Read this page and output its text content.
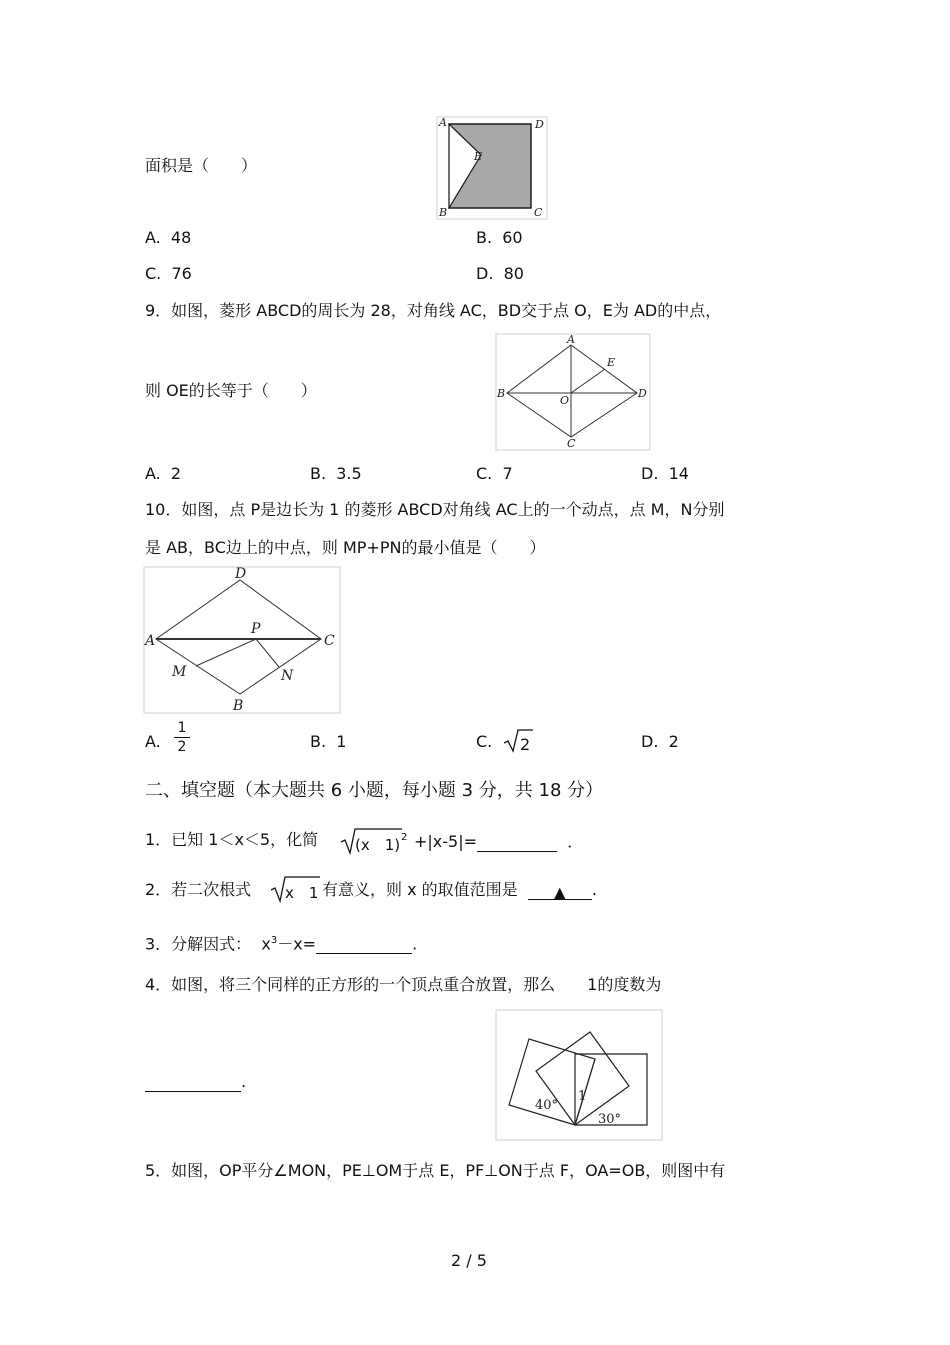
面积是（　　）
A	D
E
B	C
A. 48	B. 60
C. 76	D. 80
9．如图，菱形 ABCD的周长为 28，对角线 AC，BD交于点 O，E为 AD的中点，
A
E
B	D
O
C
则 OE的长等于（　　）
A. 2	B. 3.5	C. 7	D. 14
10．如图，点 P是边长为 1 的菱形 ABCD对角线 AC上的一个动点，点 M，N分别
是 AB，BC边上的中点，则 MP+PN的最小值是（　　）
D
A
P
C
M	N
B
A.
1
2	B. 1	C. 2	D. 2
二、填空题（本大题共 6 小题，每小题 3 分，共 18 分）
1．已知 1＜x＜5，化简 (x　1) 2 +|x-5|=	．
2．若二次根式 x　1 有意义，则 x 的取值范围是 ▲ .
3．分解因式： $x^3-x=$	.
4．如图，将三个同样的正方形的一个顶点重合放置，那么　　1的度数为
.
40°
1
30°
5．如图，OP平分∠MON，PE⊥OM于点 E，PF⊥ON于点 F，OA=OB，则图中有
2 / 5
